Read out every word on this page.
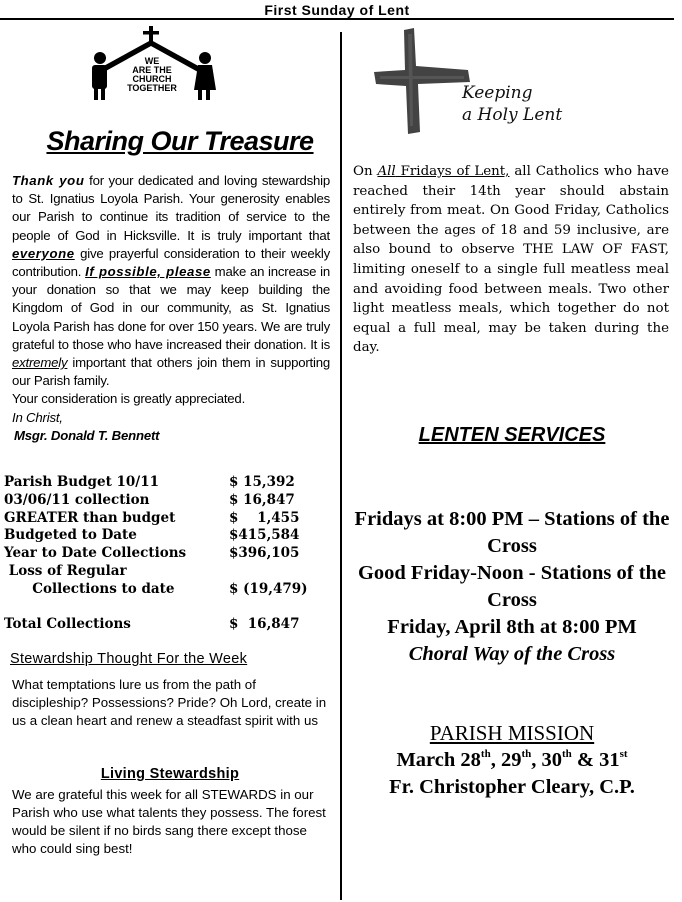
First Sunday of Lent
WE
ARE THE
CHURCH
TOGETHER
Sharing Our Treasure
Thank you for your dedicated and loving stewardship to St. Ignatius Loyola Parish. Your generosity enables our Parish to continue its tradition of service to the people of God in Hicksville. It is truly important that everyone give prayerful consideration to their weekly contribution. If possible, please make an increase in your donation so that we may keep building the Kingdom of God in our community, as St. Ignatius Loyola Parish has done for over 150 years. We are truly grateful to those who have increased their donation. It is extremely important that others join them in supporting our Parish family.
Your consideration is greatly appreciated.
In Christ,
Msgr. Donald T. Bennett
Parish Budget 10/11	$ 15,392
03/06/11 collection	$ 16,847
GREATER than budget	$    1,455
Budgeted to Date	$415,584
Year to Date Collections	$396,105
Loss of Regular
Collections to date	$ (19,479)
Total Collections	$  16,847
Stewardship Thought For the Week
What temptations lure us from the path of discipleship? Possessions? Pride? Oh Lord, create in us a clean heart and renew a steadfast spirit with us
Living Stewardship
We are grateful this week for all STEWARDS in our Parish who use what talents they possess. The forest would be silent if no birds sang there except those who could sing best!
Keeping
a Holy Lent
On All Fridays of Lent, all Catholics who have reached their 14th year should abstain entirely from meat. On Good Friday, Catholics between the ages of 18 and 59 inclusive, are also bound to observe THE LAW OF FAST, limiting oneself to a single full meatless meal and avoiding food between meals. Two other light meatless meals, which together do not equal a full meal, may be taken during the day.
LENTEN SERVICES
Fridays at 8:00 PM – Stations of the Cross
Good Friday-Noon - Stations of the Cross
Friday, April 8th at 8:00 PM
Choral Way of the Cross
PARISH MISSION
March 28th, 29th, 30th & 31st
Fr. Christopher Cleary, C.P.
